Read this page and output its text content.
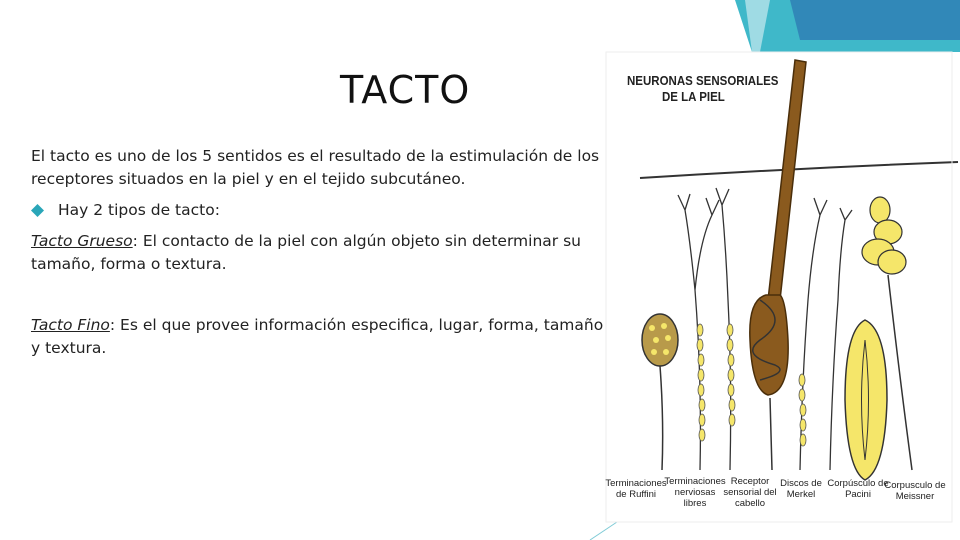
TACTO
El tacto es uno de los 5 sentidos es el resultado de la estimulación de los receptores situados en la piel y en el tejido subcutáneo.
Hay 2 tipos de tacto:
Tacto Grueso: El contacto de la piel con algún objeto sin determinar su tamaño, forma o textura.
Tacto Fino: Es el que provee información especifica, lugar, forma, tamaño y textura.
NEURONAS SENSORIALES
DE LA PIEL
Terminaciones
de Ruffini
Terminaciones
nerviosas
libres
Receptor
sensorial del
cabello
Discos de
Merkel
Corpúsculo de
Pacini
Corpusculo de
Meissner
